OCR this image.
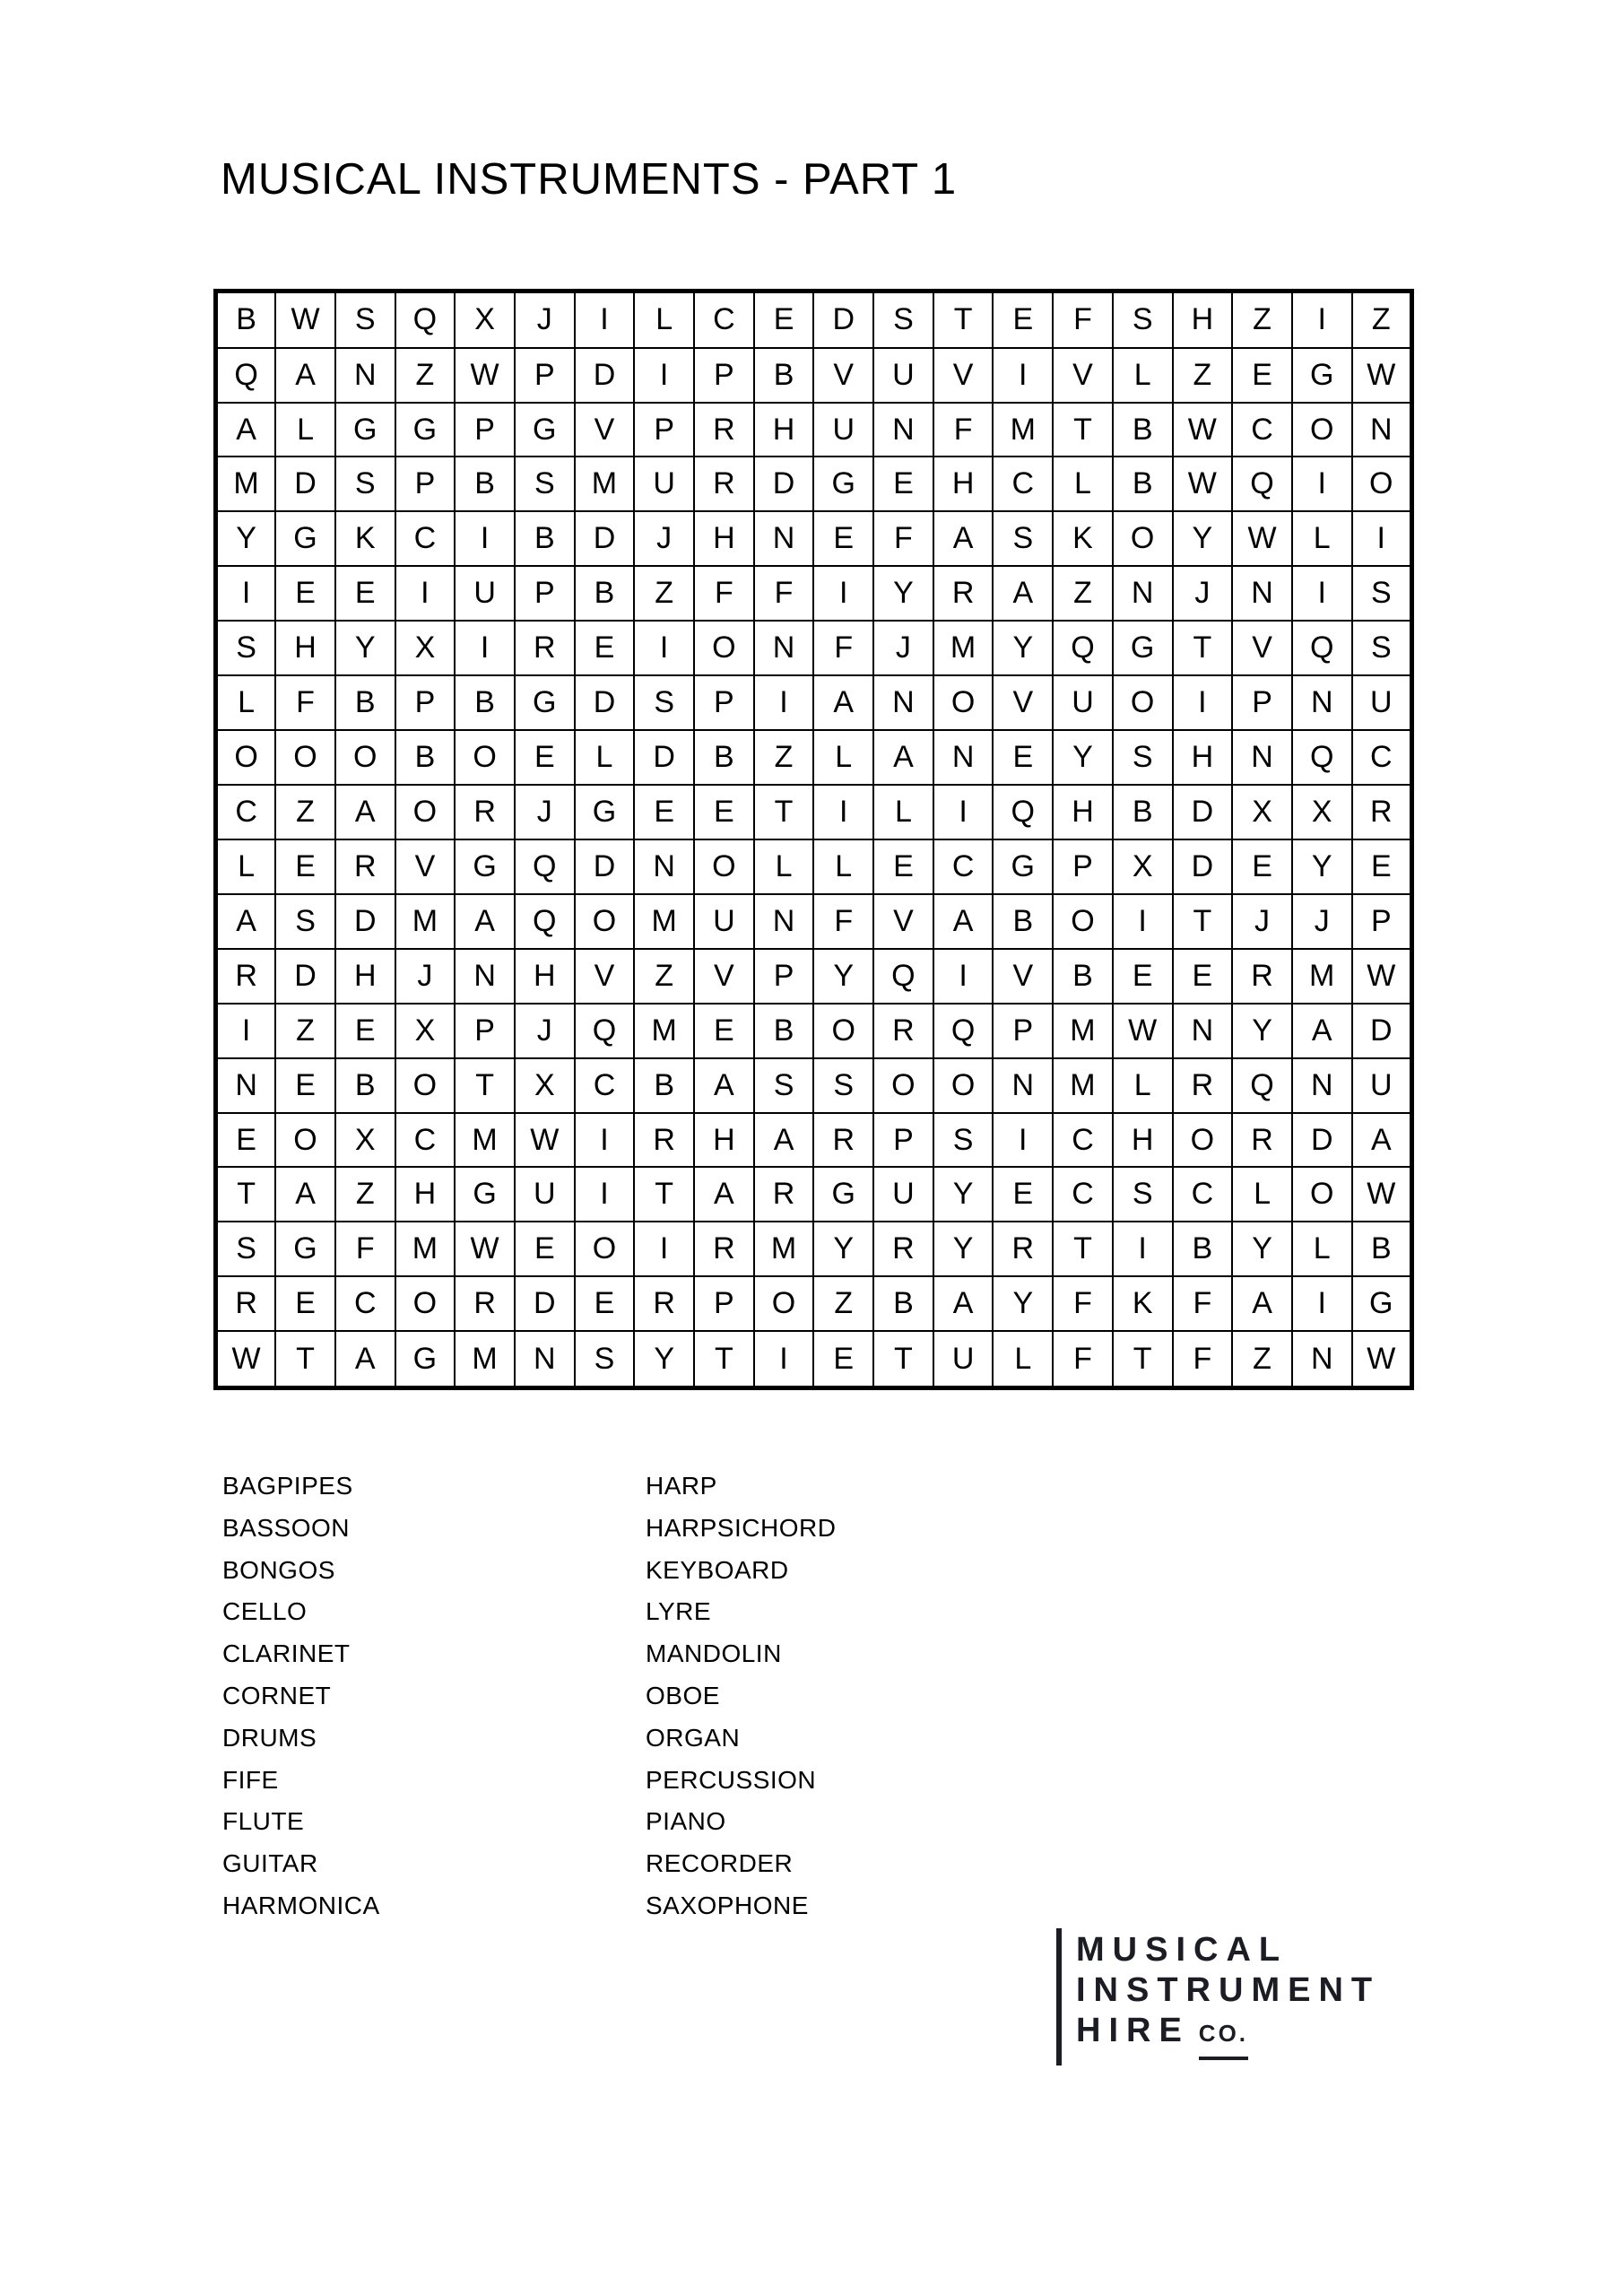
MUSICAL INSTRUMENTS - PART 1
B	W	S	Q	X	J	I	L	C	E	D	S	T	E	F	S	H	Z	I	Z
Q	A	N	Z	W	P	D	I	P	B	V	U	V	I	V	L	Z	E	G	W
A	L	G	G	P	G	V	P	R	H	U	N	F	M	T	B	W	C	O	N
M	D	S	P	B	S	M	U	R	D	G	E	H	C	L	B	W	Q	I	O
Y	G	K	C	I	B	D	J	H	N	E	F	A	S	K	O	Y	W	L	I
I	E	E	I	U	P	B	Z	F	F	I	Y	R	A	Z	N	J	N	I	S
S	H	Y	X	I	R	E	I	O	N	F	J	M	Y	Q	G	T	V	Q	S
L	F	B	P	B	G	D	S	P	I	A	N	O	V	U	O	I	P	N	U
O	O	O	B	O	E	L	D	B	Z	L	A	N	E	Y	S	H	N	Q	C
C	Z	A	O	R	J	G	E	E	T	I	L	I	Q	H	B	D	X	X	R
L	E	R	V	G	Q	D	N	O	L	L	E	C	G	P	X	D	E	Y	E
A	S	D	M	A	Q	O	M	U	N	F	V	A	B	O	I	T	J	J	P
R	D	H	J	N	H	V	Z	V	P	Y	Q	I	V	B	E	E	R	M	W
I	Z	E	X	P	J	Q	M	E	B	O	R	Q	P	M	W	N	Y	A	D
N	E	B	O	T	X	C	B	A	S	S	O	O	N	M	L	R	Q	N	U
E	O	X	C	M	W	I	R	H	A	R	P	S	I	C	H	O	R	D	A
T	A	Z	H	G	U	I	T	A	R	G	U	Y	E	C	S	C	L	O	W
S	G	F	M	W	E	O	I	R	M	Y	R	Y	R	T	I	B	Y	L	B
R	E	C	O	R	D	E	R	P	O	Z	B	A	Y	F	K	F	A	I	G
W	T	A	G	M	N	S	Y	T	I	E	T	U	L	F	T	F	Z	N	W
BAGPIPES
BASSOON
BONGOS
CELLO
CLARINET
CORNET
DRUMS
FIFE
FLUTE
GUITAR
HARMONICA
HARP
HARPSICHORD
KEYBOARD
LYRE
MANDOLIN
OBOE
ORGAN
PERCUSSION
PIANO
RECORDER
SAXOPHONE
MUSICAL
INSTRUMENT
HIRE CO.
